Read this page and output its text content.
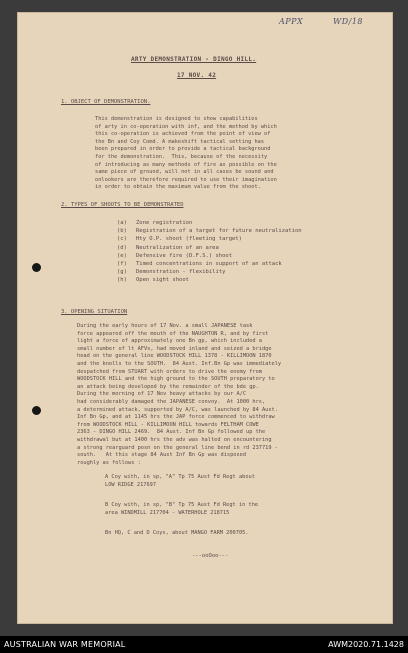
APPX	WD/18
ARTY DEMONSTRATION - DINGO HILL.
17 NOV. 42
1. OBJECT OF DEMONSTRATION.
This demonstration is designed to show capabilities
of arty in co-operation with inf, and the method by which
this co-operation is achieved from the point of view of
the Bn and Coy Comd. A makeshift tactical setting has
been prepared in order to provide a tactical background
for the demonstration.  This, because of the necessity
of introducing as many methods of fire as possible on the
same piece of ground, will not in all cases be sound and
onlookers are therefore required to use their imagination
in order to obtain the maximum value from the shoot.
2. TYPES OF SHOOTS TO BE DEMONSTRATED
(a) Zone registration
(b) Registration of a target for future neutralization
(c) Hty O.P. shoot (fleeting target)
(d) Neutralization of an area
(e) Defensive fire (D.F.S.) shoot
(f) Timed concentrations in support of an attack
(g) Demonstration - flexibility
(h) Open sight shoot
3. OPENING SITUATION
During the early hours of 17 Nov. a small JAPANESE task
force appeared off the mouth of the NAUGHTON R, and by first
light a force of approximately one Bn gp, which included a
small number of lt AFVs, had moved inland and seized a bridge
head on the general line WOODSTOCK HILL 1378 - KILLIMOON 1870
and the knolls to the SOUTH.  84 Aust. Inf.Bn Gp was immediately
despatched from STUART with orders to drive the enemy from
WOODSTOCK HILL and the high ground to the SOUTH preparatory to
an attack being developed by the remainder of the bde gp.
During the morning of 17 Nov heavy attacks by our A/C
had considerably damaged the JAPANESE convoy.  At 1000 hrs,
a determined attack, supported by A/C, was launched by 84 Aust.
Inf Bn Gp, and at 1145 hrs the JAP force commenced to withdraw
from WOODSTOCK HILL - KILLIMOON HILL towards FELTHAM COWE
2363 - DINGO HILL 2469.  84 Aust. Inf Bn Gp followed up the
withdrawal but at 1400 hrs the adv was halted on encountering
a strong rearguard posn on the general line bend in rd 237719 -
south.   At this stage 84 Aust Inf Bn Gp was disposed
roughly as follows :
A Coy with, in sp, "A" Tp 75 Aust Fd Regt about
LOW RIDGE 217697
B Coy with, in sp, "B" Tp 75 Aust Fd Regt in the
area WINDMILL 217704 - WATERHOLE 218715
Bn HQ, C and D Coys, about MANGO FARM 200705.
---ooOoo---
AUSTRALIAN WAR MEMORIAL	AWM2020.71.1428
